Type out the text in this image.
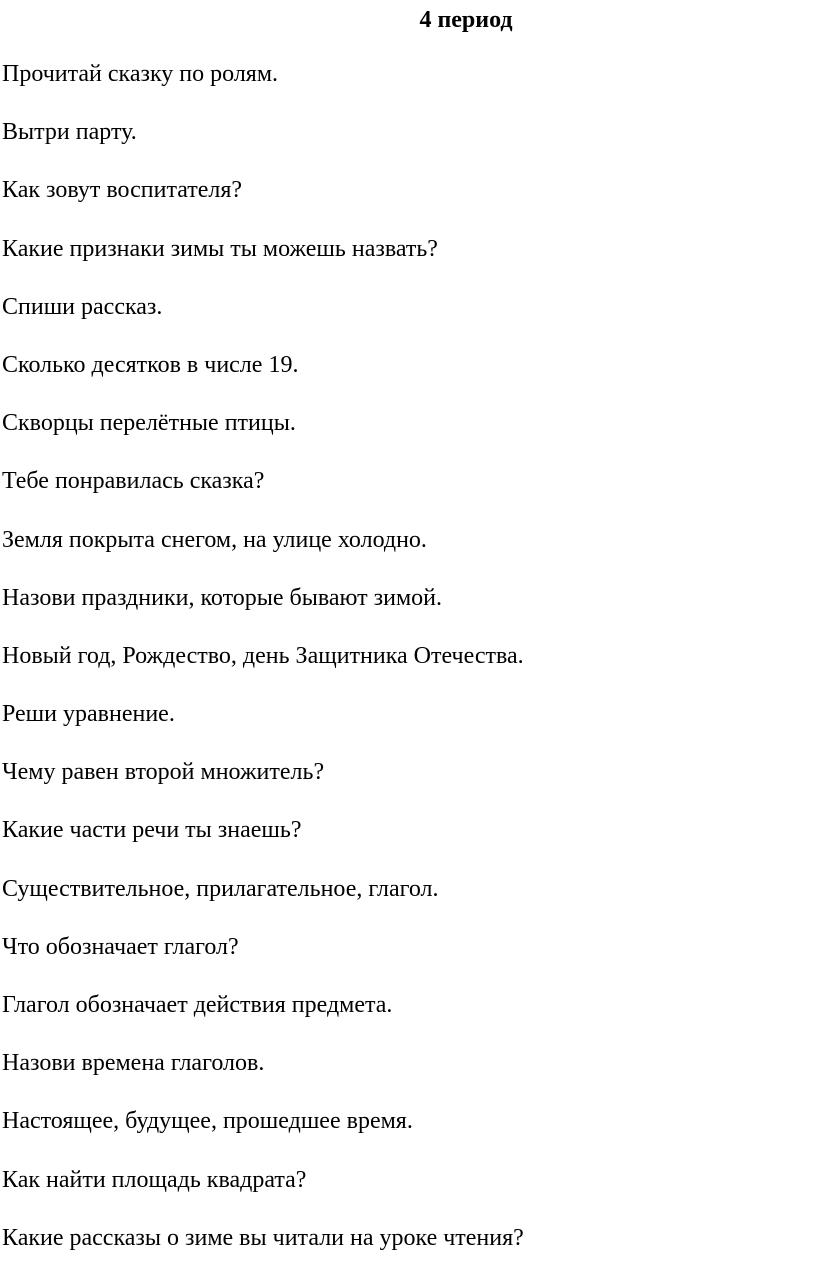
4 период
Прочитай сказку по ролям.
Вытри парту.
Как зовут воспитателя?
Какие признаки зимы ты можешь назвать?
Спиши рассказ.
Сколько десятков в числе 19.
Скворцы перелётные птицы.
Тебе понравилась сказка?
Земля покрыта снегом, на улице холодно.
Назови праздники, которые бывают зимой.
Новый год, Рождество, день Защитника Отечества.
Реши уравнение.
Чему равен второй множитель?
Какие части речи ты знаешь?
Существительное, прилагательное, глагол.
Что обозначает глагол?
Глагол обозначает действия предмета.
Назови времена глаголов.
Настоящее, будущее, прошедшее время.
Как найти площадь квадрата?
Какие рассказы о зиме вы читали на уроке чтения?
